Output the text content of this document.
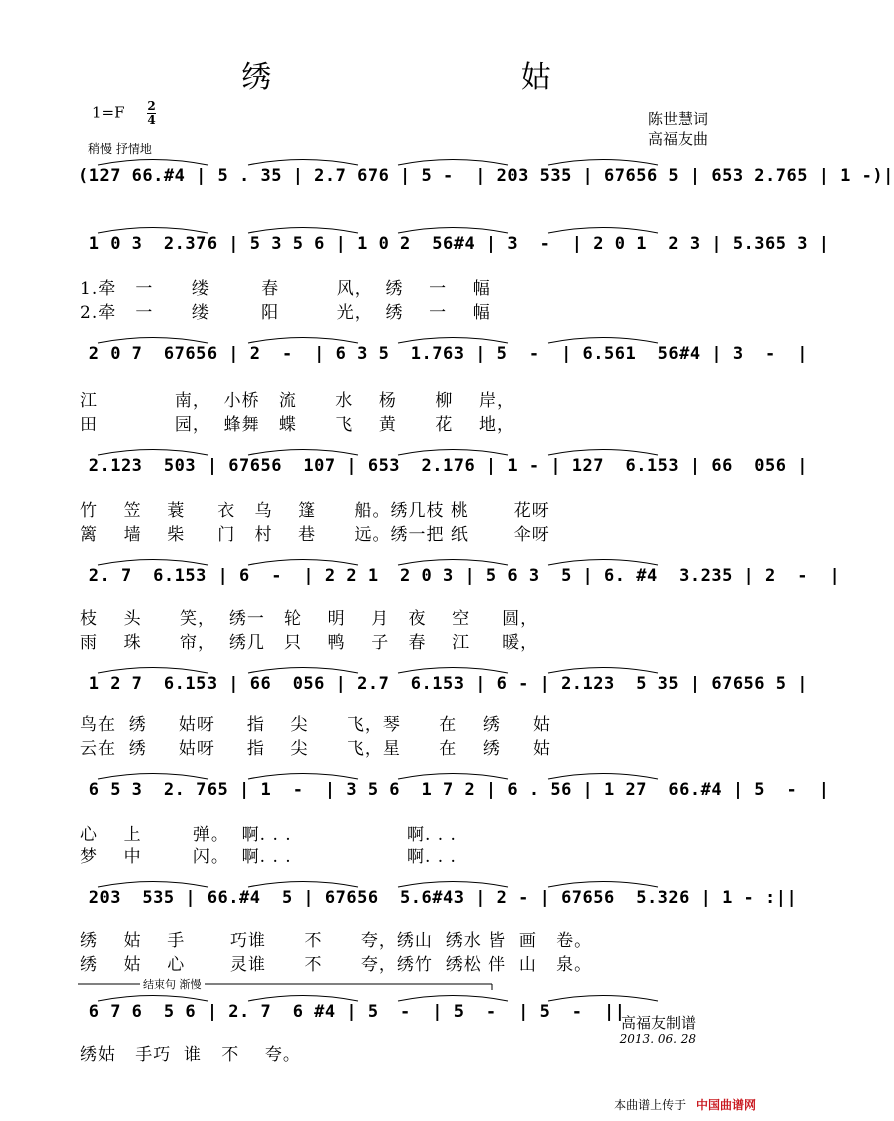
绣 姑
$1=F \frac{2}{4}$
稍慢 抒情地
陈世慧词
高福友曲
(127 66.#4 | 5 . 35 | 2.7 676 | 5 -  | 203 535 | 67656 5 | 653 2.765 | 1 -)|
1 0 3  2.376 | 5 3 5 6 | 1 0 2  56#4 | 3  -  | 2 0 1  2 3 | 5.365 3 |
1.牵   一      缕        春         风，  绣    一    幅
2.牵   一      缕        阳         光，  绣    一    幅
2 0 7  67656 | 2  -  | 6 3 5  1.763 | 5  -  | 6.561  56#4 | 3  -  |
江            南，  小桥   流      水    杨      柳    岸，
田            园，  蜂舞   蝶      飞    黄      花    地，
2.123  503 | 67656  107 | 653  2.176 | 1 - | 127  6.153 | 66  056 |
竹    笠    蓑     衣   乌    篷      船。绣几枝 桃       花呀
篱    墙    柴     门   村    巷      远。绣一把 纸       伞呀
2. 7  6.153 | 6  -  | 2 2 1  2 0 3 | 5 6 3  5 | 6. #4  3.235 | 2  -  |
枝    头      笑，  绣一   轮    明    月   夜    空     圆，
雨    珠      帘，  绣几   只    鸭    子   春    江     暖，
1 2 7  6.153 | 66  056 | 2.7  6.153 | 6 - | 2.123  5 35 | 67656 5 |
鸟在  绣     姑呀     指    尖      飞，琴      在    绣     姑
云在  绣     姑呀     指    尖      飞，星      在    绣     姑
6 5 3  2. 765 | 1  -  | 3 5 6  1 7 2 | 6 . 56 | 1 27  66.#4 | 5  -  |
心    上        弹。  啊. . .                  啊. . .
梦    中        闪。  啊. . .                  啊. . .
203  535 | 66.#4  5 | 67656  5.6#43 | 2 - | 67656  5.326 | 1 - :||
绣    姑    手       巧谁      不      夸，绣山  绣水 皆  画   卷。
绣    姑    心       灵谁      不      夸，绣竹  绣松 伴  山   泉。
结束句 渐慢
6 7 6  5 6 | 2. 7  6 #4 | 5  -  | 5  -  | 5  -  ||
绣姑   手巧  谁   不    夸。
高福友制谱
2013. 06. 28
本曲谱上传于 中国曲谱网
